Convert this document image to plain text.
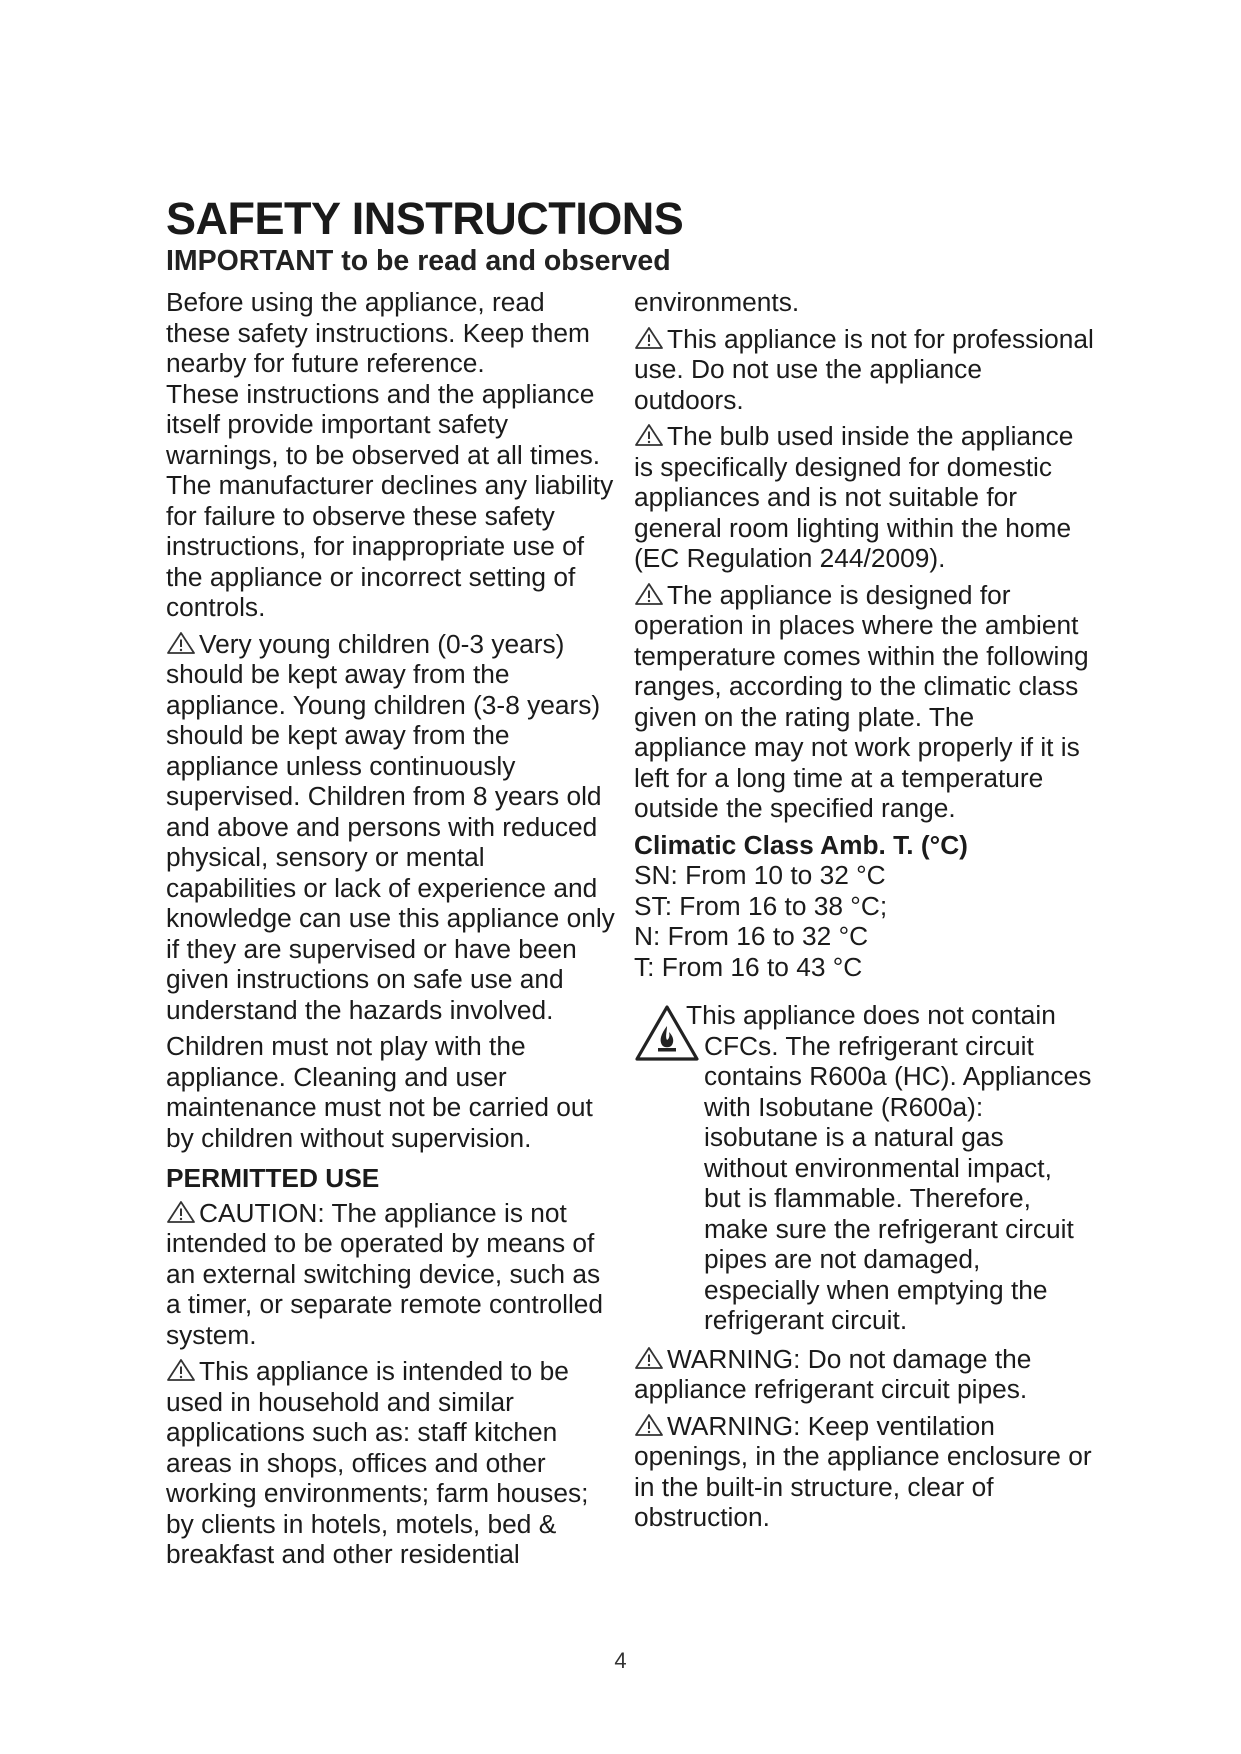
SAFETY INSTRUCTIONS
IMPORTANT to be read and observed

Before using the appliance, read these safety instructions. Keep them nearby for future reference.

These instructions and the appliance itself provide important safety warnings, to be observed at all times. The manufacturer declines any liability for failure to observe these safety instructions, for inappropriate use of the appliance or incorrect setting of controls.

Very young children (0-3 years) should be kept away from the appliance. Young children (3-8 years) should be kept away from the appliance unless continuously supervised. Children from 8 years old and above and persons with reduced physical, sensory or mental capabilities or lack of experience and knowledge can use this appliance only if they are supervised or have been given instructions on safe use and understand the hazards involved.

Children must not play with the appliance. Cleaning and user maintenance must not be carried out by children without supervision.

PERMITTED USE

CAUTION: The appliance is not intended to be operated by means of an external switching device, such as a timer, or separate remote controlled system.

This appliance is intended to be used in household and similar applications such as: staff kitchen areas in shops, offices and other working environments; farm houses; by clients in hotels, motels, bed & breakfast and other residential

environments.

This appliance is not for professional use. Do not use the appliance outdoors.

The bulb used inside the appliance is specifically designed for domestic appliances and is not suitable for general room lighting within the home (EC Regulation 244/2009).

The appliance is designed for operation in places where the ambient temperature comes within the following ranges, according to the climatic class given on the rating plate. The appliance may not work properly if it is left for a long time at a temperature outside the specified range.

Climatic Class Amb. T. (°C)
SN: From 10 to 32 °C
ST: From 16 to 38 °C;
N: From 16 to 32 °C
T: From 16 to 43 °C
This appliance does not contain CFCs. The refrigerant circuit contains R600a (HC). Appliances with Isobutane (R600a): isobutane is a natural gas without environmental impact, but is flammable. Therefore, make sure the refrigerant circuit pipes are not damaged, especially when emptying the refrigerant circuit.

WARNING: Do not damage the appliance refrigerant circuit pipes.

WARNING: Keep ventilation openings, in the appliance enclosure or in the built-in structure, clear of obstruction.

4
